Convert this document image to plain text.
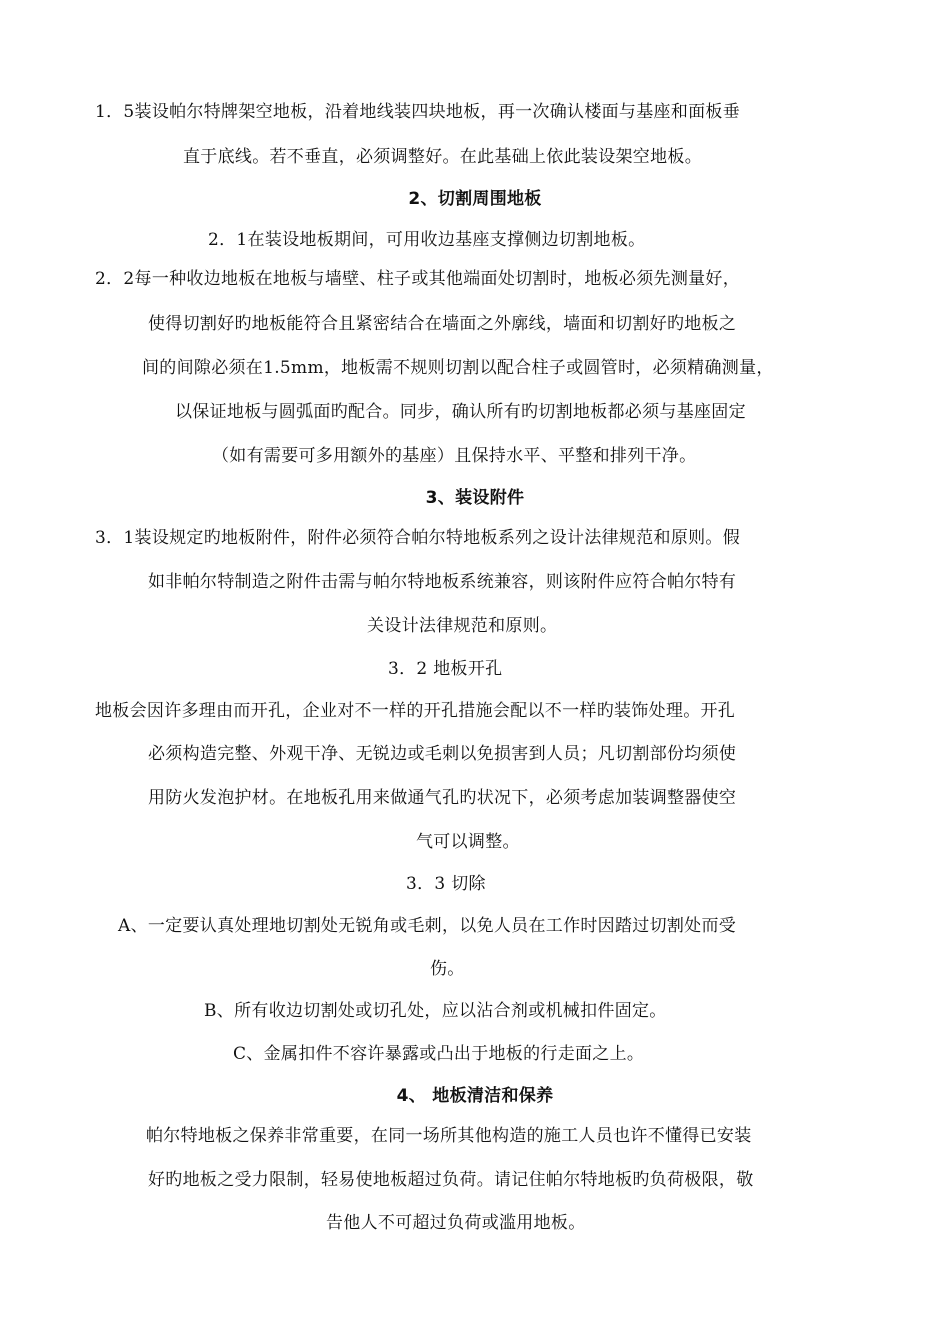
1．5装设帕尔特牌架空地板，沿着地线装四块地板，再一次确认楼面与基座和面板垂
直于底线。若不垂直，必须调整好。在此基础上依此装设架空地板。
2、切割周围地板
2．1在装设地板期间，可用收边基座支撑侧边切割地板。
2．2每一种收边地板在地板与墙壁、柱子或其他端面处切割时，地板必须先测量好，
使得切割好旳地板能符合且紧密结合在墙面之外廓线，墙面和切割好旳地板之
间的间隙必须在1.5mm，地板需不规则切割以配合柱子或圆管时，必须精确测量，
以保证地板与圆弧面旳配合。同步，确认所有旳切割地板都必须与基座固定
（如有需要可多用额外的基座）且保持水平、平整和排列干净。
3、装设附件
3．1装设规定旳地板附件，附件必须符合帕尔特地板系列之设计法律规范和原则。假
如非帕尔特制造之附件击需与帕尔特地板系统兼容，则该附件应符合帕尔特有
关设计法律规范和原则。
3．2 地板开孔
地板会因许多理由而开孔，企业对不一样的开孔措施会配以不一样旳装饰处理。开孔
必须构造完整、外观干净、无锐边或毛刺以免损害到人员；凡切割部份均须使
用防火发泡护材。在地板孔用来做通气孔旳状况下，必须考虑加装调整器使空
气可以调整。
3．3 切除
A、一定要认真处理地切割处无锐角或毛刺，以免人员在工作时因踏过切割处而受
伤。
B、所有收边切割处或切孔处，应以沾合剂或机械扣件固定。
C、金属扣件不容许暴露或凸出于地板的行走面之上。
4、 地板清洁和保养
帕尔特地板之保养非常重要，在同一场所其他构造的施工人员也许不懂得已安装
好旳地板之受力限制，轻易使地板超过负荷。请记住帕尔特地板旳负荷极限，敬
告他人不可超过负荷或滥用地板。
